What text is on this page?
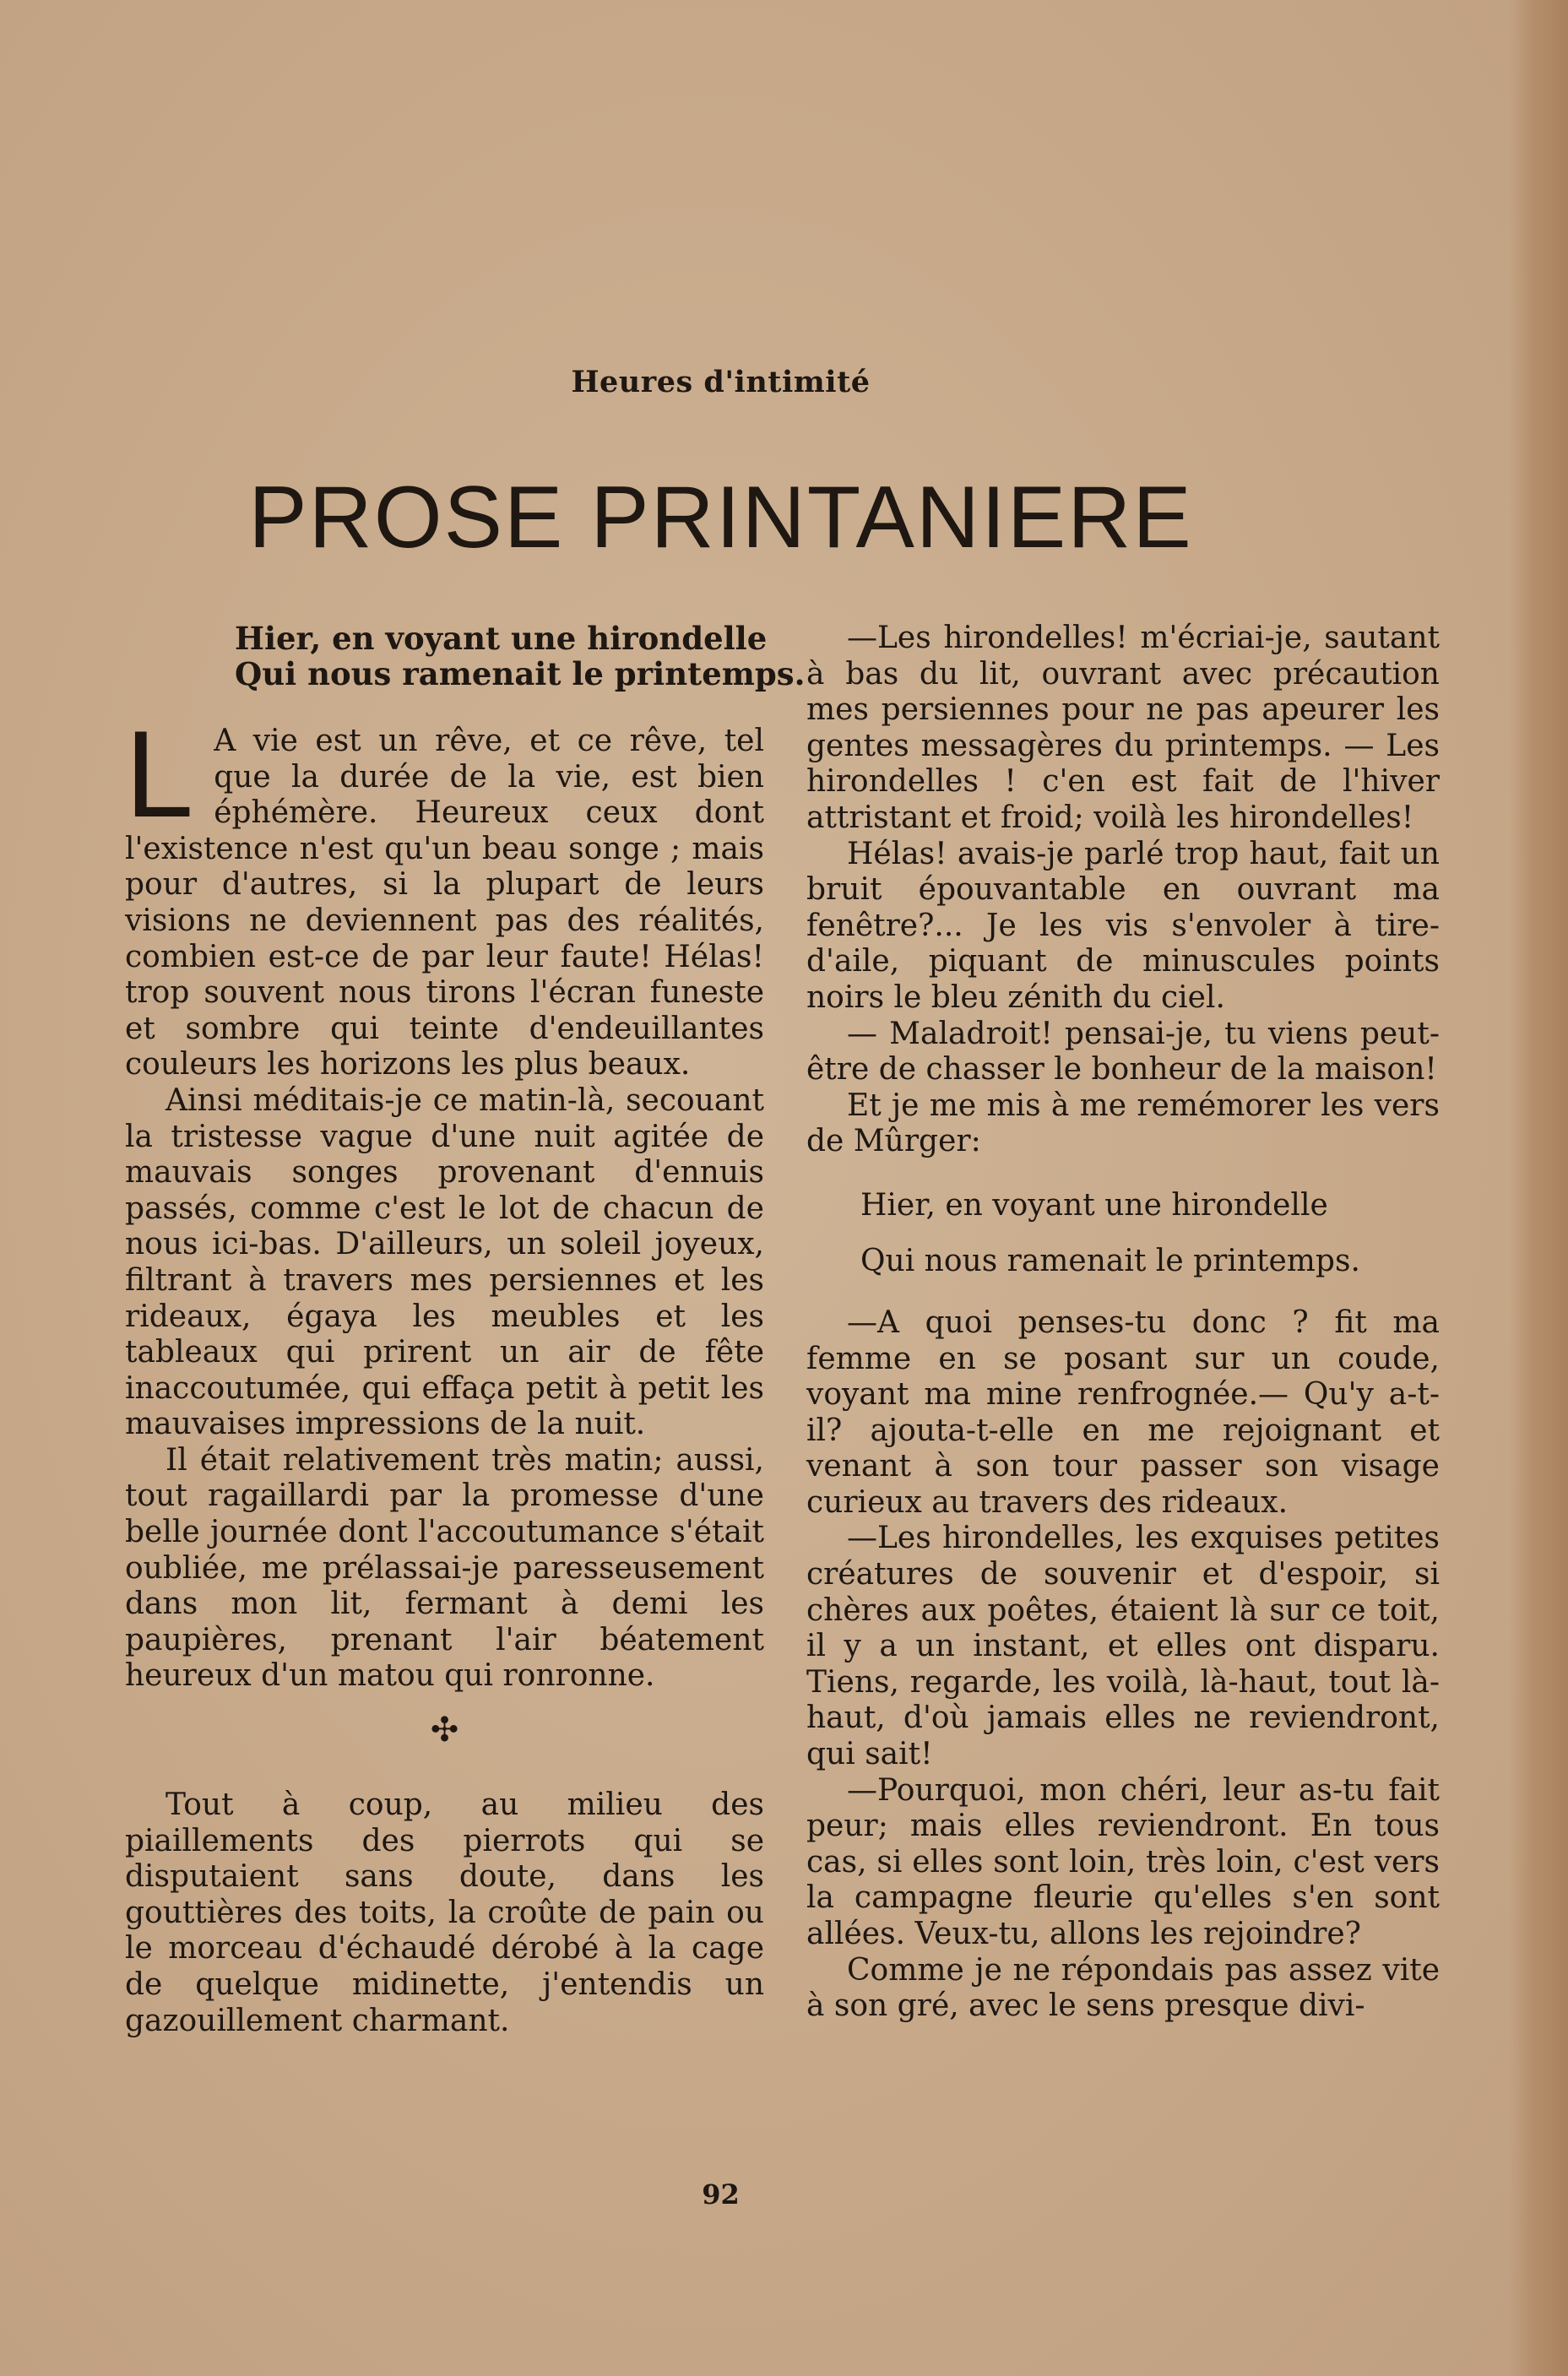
Heures d'intimité
PROSE PRINTANIERE
Hier, en voyant une hirondelle
Qui nous ramenait le printemps.

LA vie est un rêve, et ce rêve, tel que la durée de la vie, est bien éphémère. Heureux ceux dont l'existence n'est qu'un beau songe ; mais pour d'autres, si la plupart de leurs visions ne deviennent pas des réalités, combien est-ce de par leur faute! Hélas! trop souvent nous tirons l'écran funeste et sombre qui teinte d'endeuillantes couleurs les horizons les plus beaux.

Ainsi méditais-je ce matin-là, secouant la tristesse vague d'une nuit agitée de mauvais songes provenant d'ennuis passés, comme c'est le lot de chacun de nous ici-bas. D'ailleurs, un soleil joyeux, filtrant à travers mes persiennes et les rideaux, égaya les meubles et les tableaux qui prirent un air de fête inaccoutumée, qui effaça petit à petit les mauvaises impressions de la nuit.

Il était relativement très matin; aussi, tout ragaillardi par la promesse d'une belle journée dont l'accoutumance s'était oubliée, me prélassai-je paresseusement dans mon lit, fermant à demi les paupières, prenant l'air béatement heureux d'un matou qui ronronne.

✣

Tout à coup, au milieu des piaillements des pierrots qui se disputaient sans doute, dans les gouttières des toits, la croûte de pain ou le morceau d'échaudé dérobé à la cage de quelque midinette, j'entendis un gazouillement charmant.

—Les hirondelles! m'écriai-je, sautant à bas du lit, ouvrant avec précaution mes persiennes pour ne pas apeurer les gentes messagères du printemps. — Les hirondelles ! c'en est fait de l'hiver attristant et froid; voilà les hirondelles!

Hélas! avais-je parlé trop haut, fait un bruit épouvantable en ouvrant ma fenêtre?... Je les vis s'envoler à tire-d'aile, piquant de minuscules points noirs le bleu zénith du ciel.

— Maladroit! pensai-je, tu viens peut-être de chasser le bonheur de la maison!

Et je me mis à me remémorer les vers de Mûrger:

Hier, en voyant une hirondelle
Qui nous ramenait le printemps.

—A quoi penses-tu donc ? fit ma femme en se posant sur un coude, voyant ma mine renfrognée.— Qu'y a-t-il? ajouta-t-elle en me rejoignant et venant à son tour passer son visage curieux au travers des rideaux.

—Les hirondelles, les exquises petites créatures de souvenir et d'espoir, si chères aux poêtes, étaient là sur ce toit, il y a un instant, et elles ont disparu. Tiens, regarde, les voilà, là-haut, tout là-haut, d'où jamais elles ne reviendront, qui sait!

—Pourquoi, mon chéri, leur as-tu fait peur; mais elles reviendront. En tous cas, si elles sont loin, très loin, c'est vers la campagne fleurie qu'elles s'en sont allées. Veux-tu, allons les rejoindre?

Comme je ne répondais pas assez vite à son gré, avec le sens presque divi-

92
